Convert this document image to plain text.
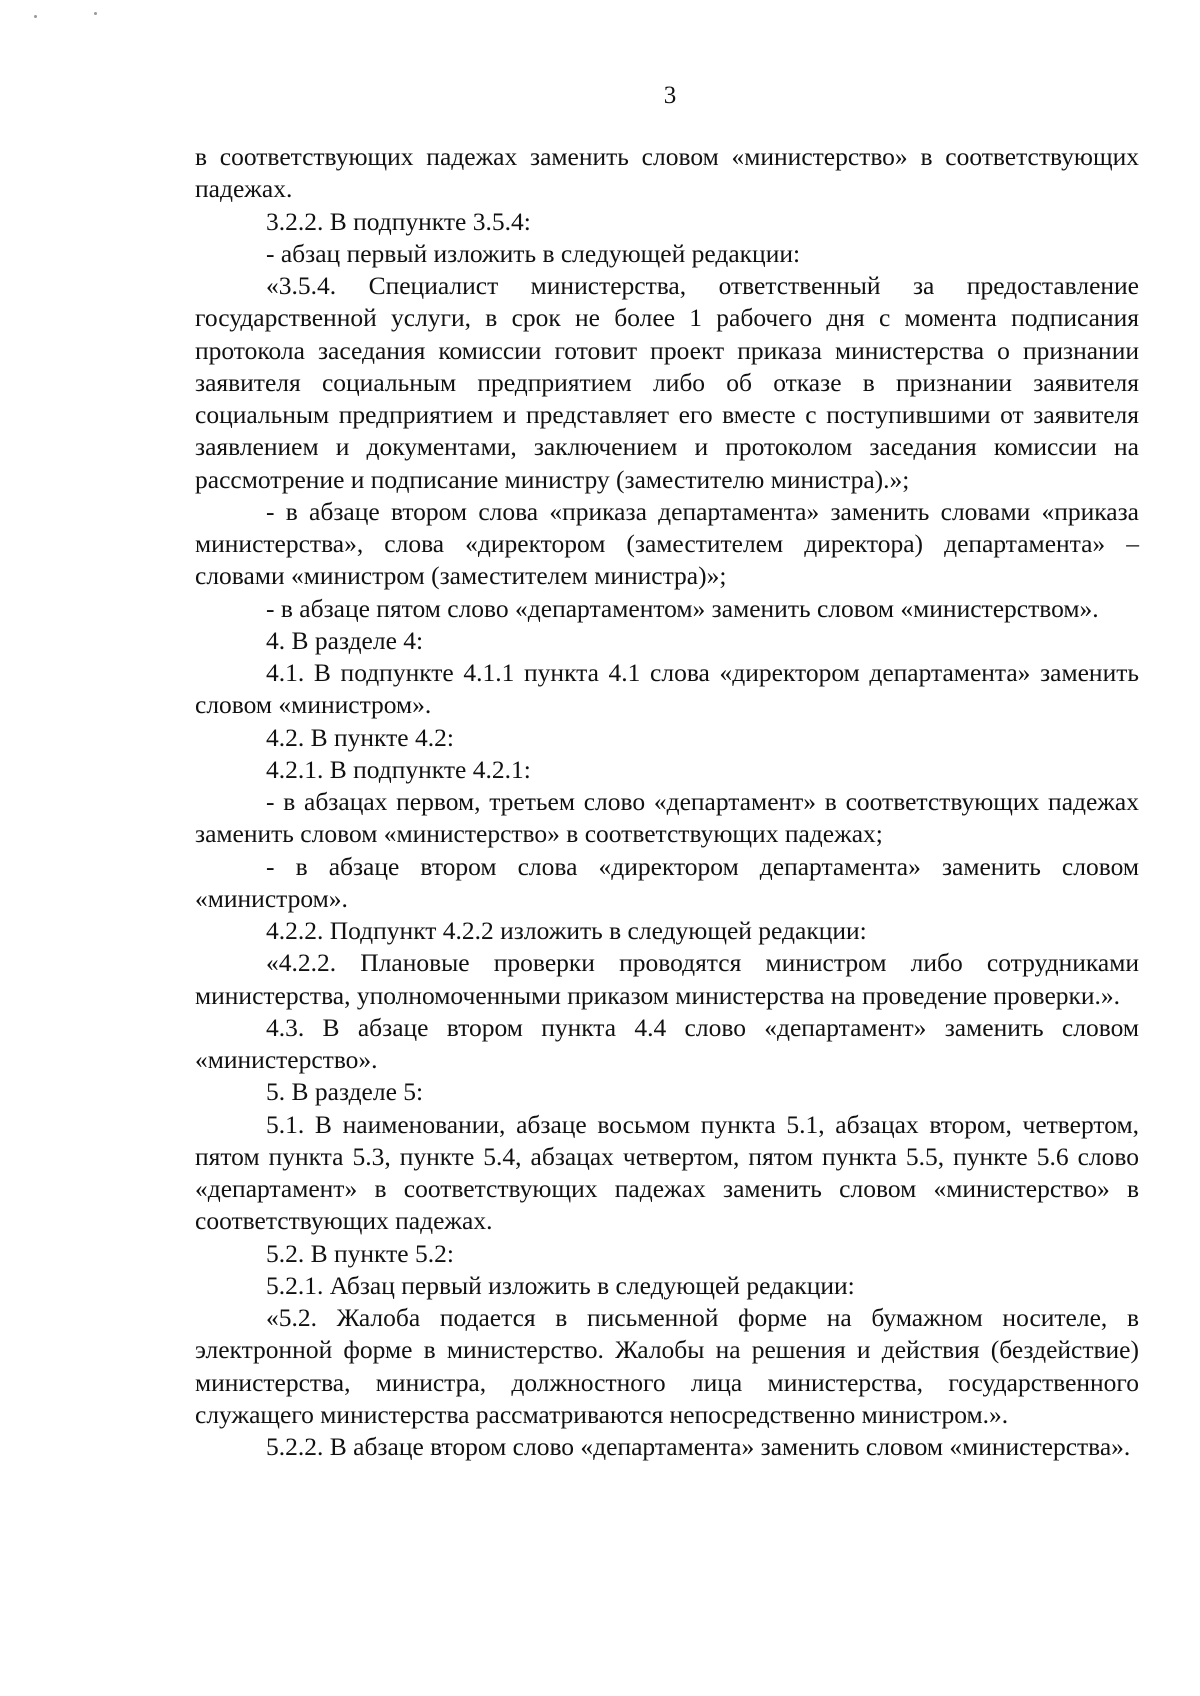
3

в соответствующих падежах заменить словом «министерство» в соответствующих падежах.

3.2.2. В подпункте 3.5.4:

- абзац первый изложить в следующей редакции:

«3.5.4. Специалист министерства, ответственный за предоставление государственной услуги, в срок не более 1 рабочего дня с момента подписания протокола заседания комиссии готовит проект приказа министерства о признании заявителя социальным предприятием либо об отказе в признании заявителя социальным предприятием и представляет его вместе с поступившими от заявителя заявлением и документами, заключением и протоколом заседания комиссии на рассмотрение и подписание министру (заместителю министра).»;

- в абзаце втором слова «приказа департамента» заменить словами «приказа министерства», слова «директором (заместителем директора) департамента» – словами «министром (заместителем министра)»;

- в абзаце пятом слово «департаментом» заменить словом «министерством».

4. В разделе 4:

4.1. В подпункте 4.1.1 пункта 4.1 слова «директором департамента» заменить словом «министром».

4.2. В пункте 4.2:

4.2.1. В подпункте 4.2.1:

- в абзацах первом, третьем слово «департамент» в соответствующих падежах заменить словом «министерство» в соответствующих падежах;

- в абзаце втором слова «директором департамента» заменить словом «министром».

4.2.2. Подпункт 4.2.2 изложить в следующей редакции:

«4.2.2. Плановые проверки проводятся министром либо сотрудниками министерства, уполномоченными приказом министерства на проведение проверки.».

4.3. В абзаце втором пункта 4.4 слово «департамент» заменить словом «министерство».

5. В разделе 5:

5.1. В наименовании, абзаце восьмом пункта 5.1, абзацах втором, четвертом, пятом пункта 5.3, пункте 5.4, абзацах четвертом, пятом пункта 5.5, пункте 5.6 слово «департамент» в соответствующих падежах заменить словом «министерство» в соответствующих падежах.

5.2. В пункте 5.2:

5.2.1. Абзац первый изложить в следующей редакции:

«5.2. Жалоба подается в письменной форме на бумажном носителе, в электронной форме в министерство. Жалобы на решения и действия (бездействие) министерства, министра, должностного лица министерства, государственного служащего министерства рассматриваются непосредственно министром.».

5.2.2. В абзаце втором слово «департамента» заменить словом «министерства».
